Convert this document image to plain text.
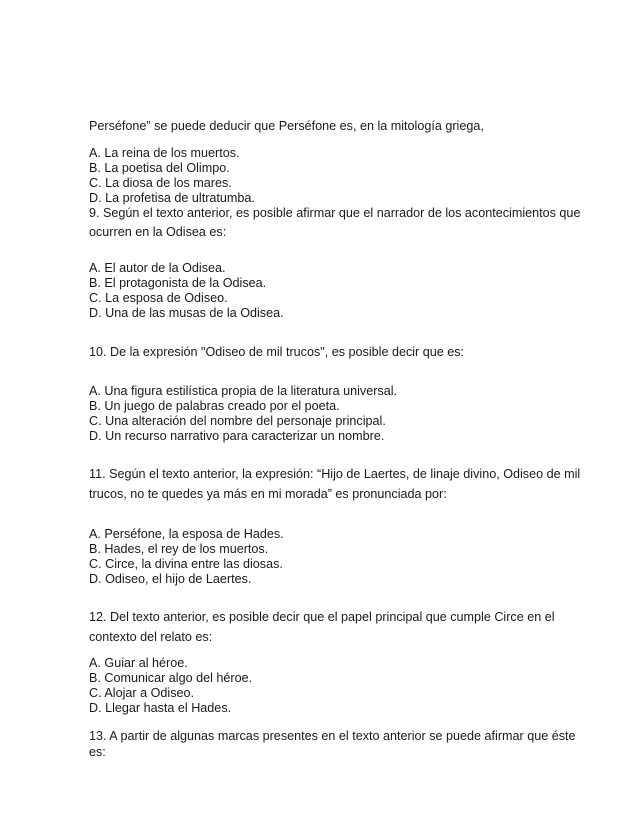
Perséfone” se puede deducir que Perséfone es, en la mitología griega,
A. La reina de los muertos.
B. La poetisa del Olimpo.
C. La diosa de los mares.
D. La profetisa de ultratumba.
9. Según el texto anterior, es posible afirmar que el narrador de los acontecimientos que
ocurren en la Odisea es:
A. El autor de la Odisea.
B. El protagonista de la Odisea.
C. La esposa de Odiseo.
D. Una de las musas de la Odisea.
10. De la expresión "Odiseo de mil trucos", es posible decir que es:
A. Una figura estilística propia de la literatura universal.
B. Un juego de palabras creado por el poeta.
C. Una alteración del nombre del personaje principal.
D. Un recurso narrativo para caracterizar un nombre.
11. Según el texto anterior, la expresión: “Hijo de Laertes, de linaje divino, Odiseo de mil
trucos, no te quedes ya más en mi morada” es pronunciada por:
A. Perséfone, la esposa de Hades.
B. Hades, el rey de los muertos.
C. Circe, la divina entre las diosas.
D. Odiseo, el hijo de Laertes.
12. Del texto anterior, es posible decir que el papel principal que cumple Circe en el
contexto del relato es:
A. Guiar al héroe.
B. Comunicar algo del héroe.
C. Alojar a Odiseo.
D. Llegar hasta el Hades.
13. A partir de algunas marcas presentes en el texto anterior se puede afirmar que éste
es:
